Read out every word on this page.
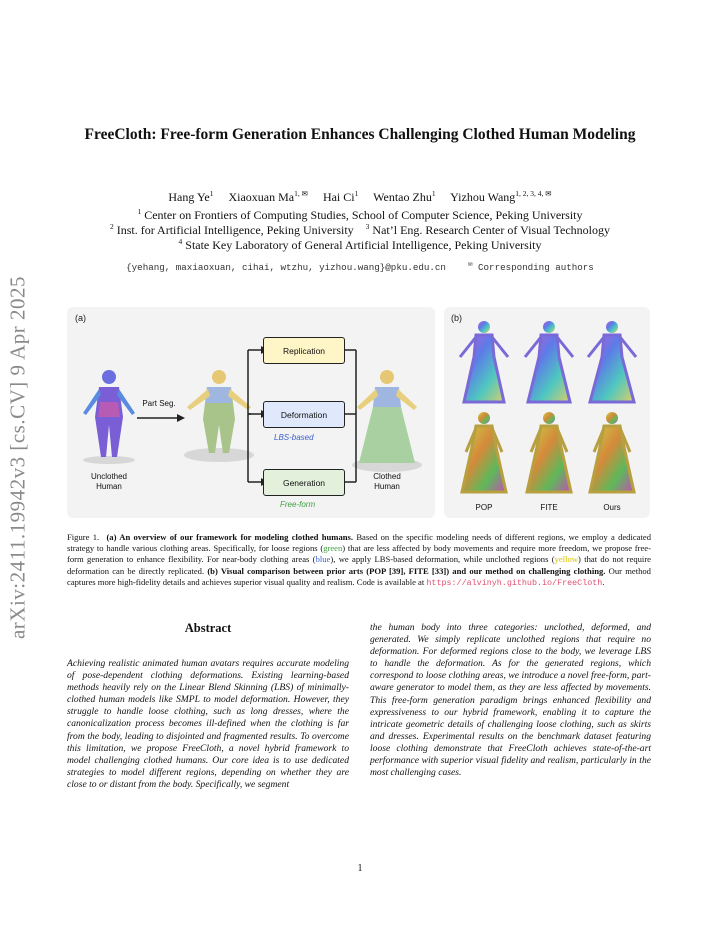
arXiv:2411.19942v3 [cs.CV] 9 Apr 2025
FreeCloth: Free-form Generation Enhances Challenging Clothed Human Modeling
Hang Ye$^1$ Xiaoxuan $Ma^{1, ✉}$ Hai Ci$^1$ Wentao Zhu$^1$ Yizhou Wang$^{1, 2, 3, 4, ✉}$
$^1$ Center on Frontiers of Computing Studies, School of Computer Science, Peking University
$^2$ Inst. for Artificial Intelligence, Peking University $^3$ Nat’l Eng. Research Center of Visual Technology
$^4$ State Key Laboratory of General Artificial Intelligence, Peking University
{yehang, maxiaoxuan, cihai, wtzhu, yizhou.wang}@pku.edu.cn	✉ Corresponding authors
(a)
Part Seg.
Replication
Deformation
LBS-based
Generation
Free-form
Unclothed
Human
Clothed
Human
(b)
POP	FITE	Ours
Figure 1. (a) An overview of our framework for modeling clothed humans. Based on the specific modeling needs of different regions, we employ a dedicated strategy to handle various clothing areas. Specifically, for loose regions (green) that are less affected by body movements and require more freedom, we propose free-form generation to enhance flexibility. For near-body clothing areas (blue), we apply LBS-based deformation, while unclothed regions (yellow) that do not require deformation can be directly replicated. (b) Visual comparison between prior arts (POP [39], FITE [33]) and our method on challenging clothing. Our method captures more high-fidelity details and achieves superior visual quality and realism. Code is available at https://alvinyh.github.io/FreeCloth.
Abstract
Achieving realistic animated human avatars requires accurate modeling of pose-dependent clothing deformations. Existing learning-based methods heavily rely on the Linear Blend Skinning (LBS) of minimally-clothed human models like SMPL to model deformation. However, they struggle to handle loose clothing, such as long dresses, where the canonicalization process becomes ill-defined when the clothing is far from the body, leading to disjointed and fragmented results. To overcome this limitation, we propose FreeCloth, a novel hybrid framework to model challenging clothed humans. Our core idea is to use dedicated strategies to model different regions, depending on whether they are close to or distant from the body. Specifically, we segment
the human body into three categories: unclothed, deformed, and generated. We simply replicate unclothed regions that require no deformation. For deformed regions close to the body, we leverage LBS to handle the deformation. As for the generated regions, which correspond to loose clothing areas, we introduce a novel free-form, part-aware generator to model them, as they are less affected by movements. This free-form generation paradigm brings enhanced flexibility and expressiveness to our hybrid framework, enabling it to capture the intricate geometric details of challenging loose clothing, such as skirts and dresses. Experimental results on the benchmark dataset featuring loose clothing demonstrate that FreeCloth achieves state-of-the-art performance with superior visual fidelity and realism, particularly in the most challenging cases.
1
